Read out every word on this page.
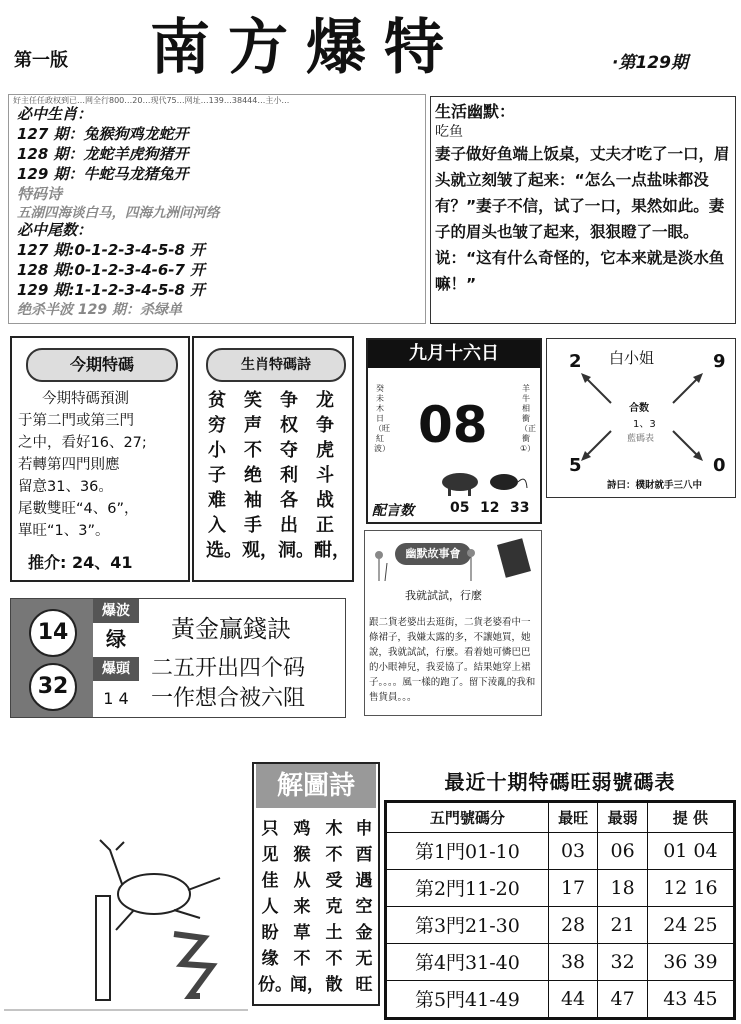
第一版 南方爆特	·第129期
好主任任政权到已…网全行800…20…现代75…网址…139…38444…主小…
必中生肖：
127 期：兔猴狗鸡龙蛇开
128 期：龙蛇羊虎狗猪开
129 期：牛蛇马龙猪兔开
特码诗
五湖四海谈白马，四海九洲问河络
必中尾数：
127 期:0-1-2-3-4-5-8 开
128 期:0-1-2-3-4-6-7 开
129 期:1-1-2-3-4-5-8 开
绝杀半波 129 期：杀绿单
生活幽默：
吃鱼
妻子做好鱼端上饭桌，丈夫才吃了一口，眉头就立刻皱了起来：“怎么一点盐味都没有？”妻子不信，试了一口，果然如此。妻子的眉头也皱了起来，狠狠瞪了一眼。说：“这有什么奇怪的，它本来就是淡水鱼嘛！”
今期特碼
今期特碼預測
于第二門或第三門
之中，看好16、27;
若轉第四門則應
留意31、36。
尾數雙旺“4、6”，
單旺“1、3”。
推介: 24、41
生肖特碼詩
龙争虎斗战正酣，
争权夺利各出洞。
笑声不绝袖手观，
贫穷小子难入选。
九月十六日
癸未木日（旺紅波）
羊牛相衝（正衝①）
08
配言数	05 12 33
白小姐
2	9
5	0
合数
1、3
藍碼表
詩曰：樸財就手三八中
幽默故事會
我就試試，行麼
跟二貨老婆出去逛街，二貨老婆看中一條裙子，我嫌太露的多，不讓她買，她說，我就試試，行麼。看着她可憐巴巴的小眼神兒，我妥協了。結果她穿上裙子。。。。風一樣的跑了。留下淩亂的我和售貨員。。。
14
32
爆波
绿
爆頭
1 4
黃金贏錢訣
二五开出四个码
一作想合被六阻
解圖詩
申酉遇空金无旺
木不受克土不散
鸡猴从来草不闻，
只见佳人盼缘份。
最近十期特碼旺弱號碼表
五門號碼分	最旺	最弱	提 供
第1門01-10	03	06	01 04
第2門11-20	17	18	12 16
第3門21-30	28	21	24 25
第4門31-40	38	32	36 39
第5門41-49	44	47	43 45
